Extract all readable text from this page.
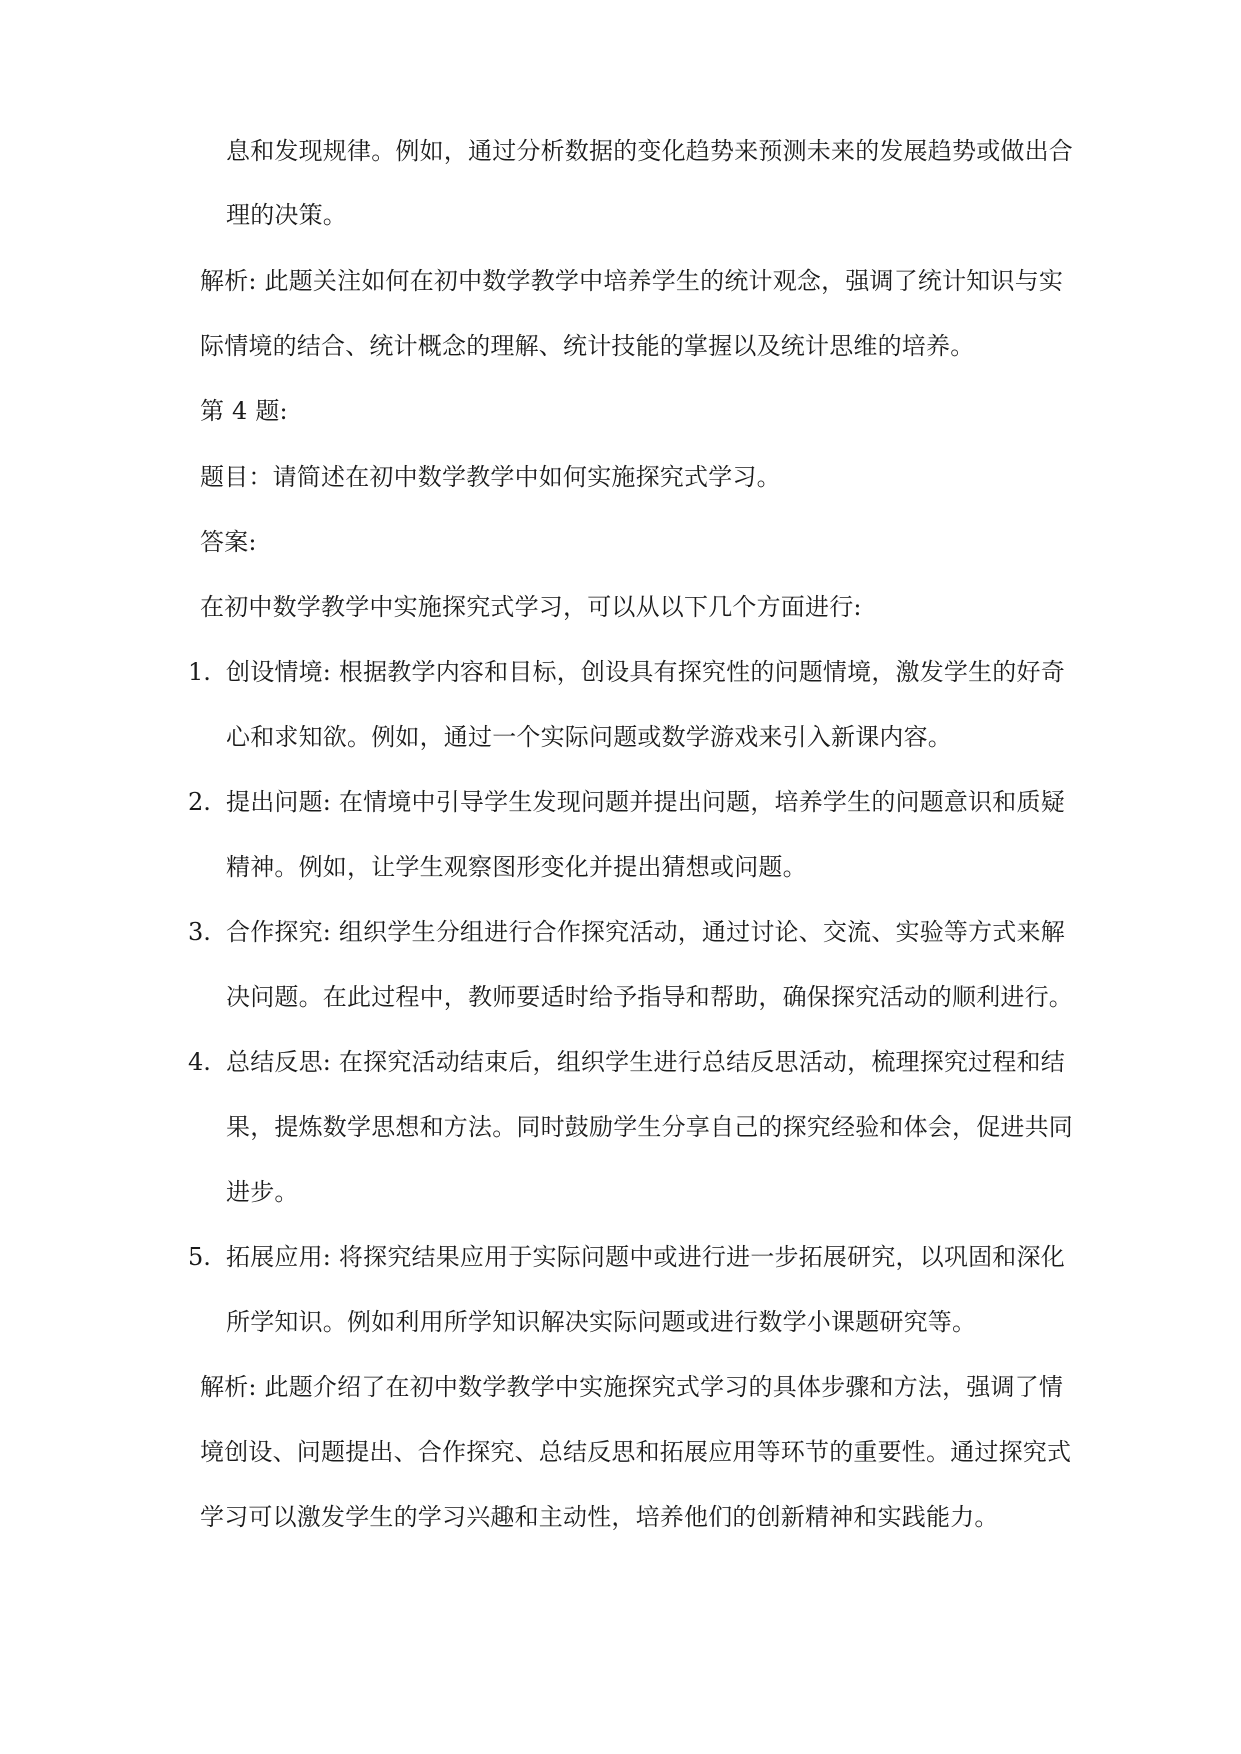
息和发现规律。例如，通过分析数据的变化趋势来预测未来的发展趋势或做出合
理的决策。
解析: 此题关注如何在初中数学教学中培养学生的统计观念，强调了统计知识与实
际情境的结合、统计概念的理解、统计技能的掌握以及统计思维的培养。
第 4 题:
题目：请简述在初中数学教学中如何实施探究式学习。
答案:
在初中数学教学中实施探究式学习，可以从以下几个方面进行:
1. 创设情境: 根据教学内容和目标，创设具有探究性的问题情境，激发学生的好奇
心和求知欲。例如，通过一个实际问题或数学游戏来引入新课内容。
2. 提出问题: 在情境中引导学生发现问题并提出问题，培养学生的问题意识和质疑
精神。例如，让学生观察图形变化并提出猜想或问题。
3. 合作探究: 组织学生分组进行合作探究活动，通过讨论、交流、实验等方式来解
决问题。在此过程中，教师要适时给予指导和帮助，确保探究活动的顺利进行。
4. 总结反思: 在探究活动结束后，组织学生进行总结反思活动，梳理探究过程和结
果，提炼数学思想和方法。同时鼓励学生分享自己的探究经验和体会，促进共同
进步。
5. 拓展应用: 将探究结果应用于实际问题中或进行进一步拓展研究，以巩固和深化
所学知识。例如利用所学知识解决实际问题或进行数学小课题研究等。
解析: 此题介绍了在初中数学教学中实施探究式学习的具体步骤和方法，强调了情
境创设、问题提出、合作探究、总结反思和拓展应用等环节的重要性。通过探究式
学习可以激发学生的学习兴趣和主动性，培养他们的创新精神和实践能力。
